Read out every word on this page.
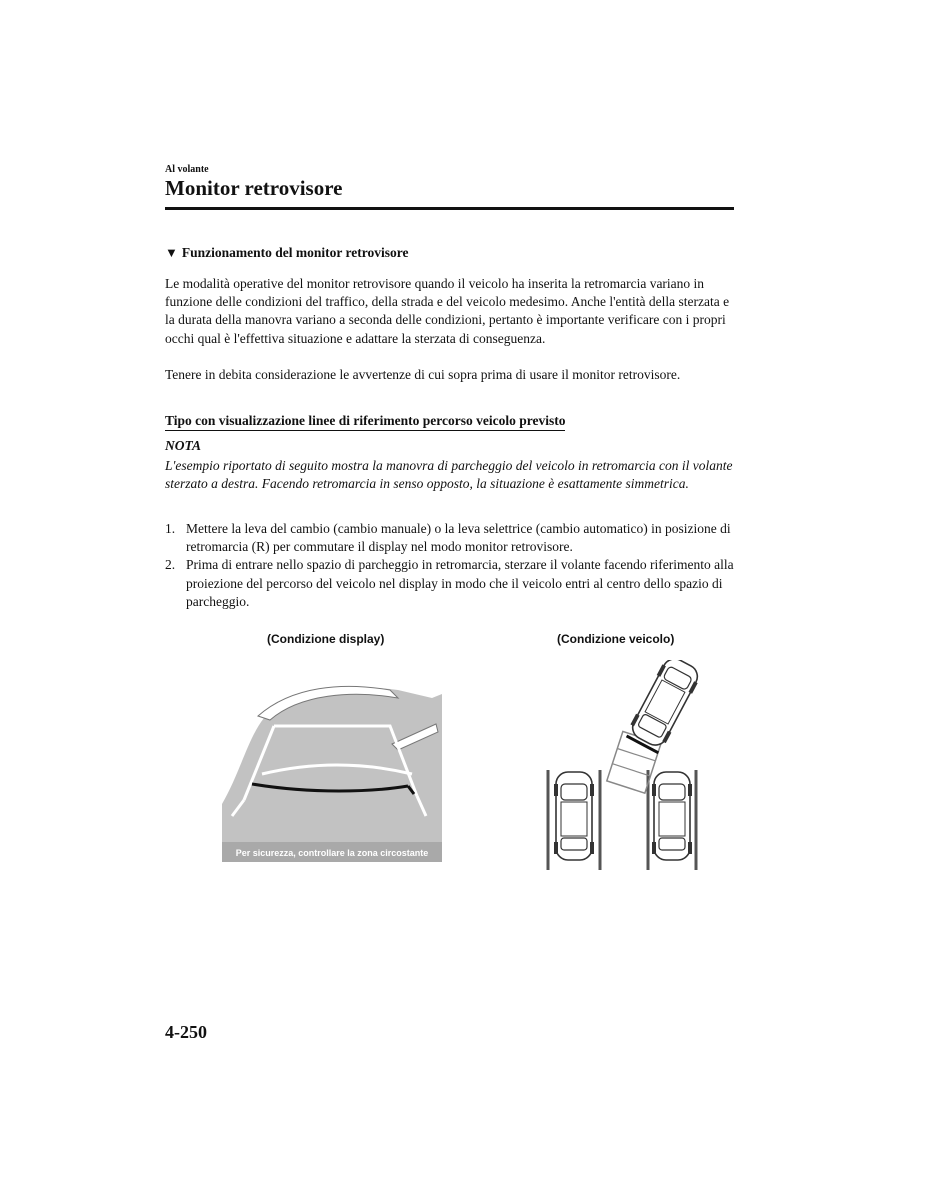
Al volante
Monitor retrovisore
▼ Funzionamento del monitor retrovisore

Le modalità operative del monitor retrovisore quando il veicolo ha inserita la retromarcia variano in funzione delle condizioni del traffico, della strada e del veicolo medesimo. Anche l'entità della sterzata e la durata della manovra variano a seconda delle condizioni, pertanto è importante verificare con i propri occhi qual è l'effettiva situazione e adattare la sterzata di conseguenza.

Tenere in debita considerazione le avvertenze di cui sopra prima di usare il monitor retrovisore.

Tipo con visualizzazione linee di riferimento percorso veicolo previsto
NOTA

L'esempio riportato di seguito mostra la manovra di parcheggio del veicolo in retromarcia con il volante sterzato a destra. Facendo retromarcia in senso opposto, la situazione è esattamente simmetrica.

1. Mettere la leva del cambio (cambio manuale) o la leva selettrice (cambio automatico) in posizione di retromarcia (R) per commutare il display nel modo monitor retrovisore.
2. Prima di entrare nello spazio di parcheggio in retromarcia, sterzare il volante facendo riferimento alla proiezione del percorso del veicolo nel display in modo che il veicolo entri al centro dello spazio di parcheggio.
(Condizione display)	(Condizione veicolo)
Per sicurezza, controllare la zona circostante
4-250
